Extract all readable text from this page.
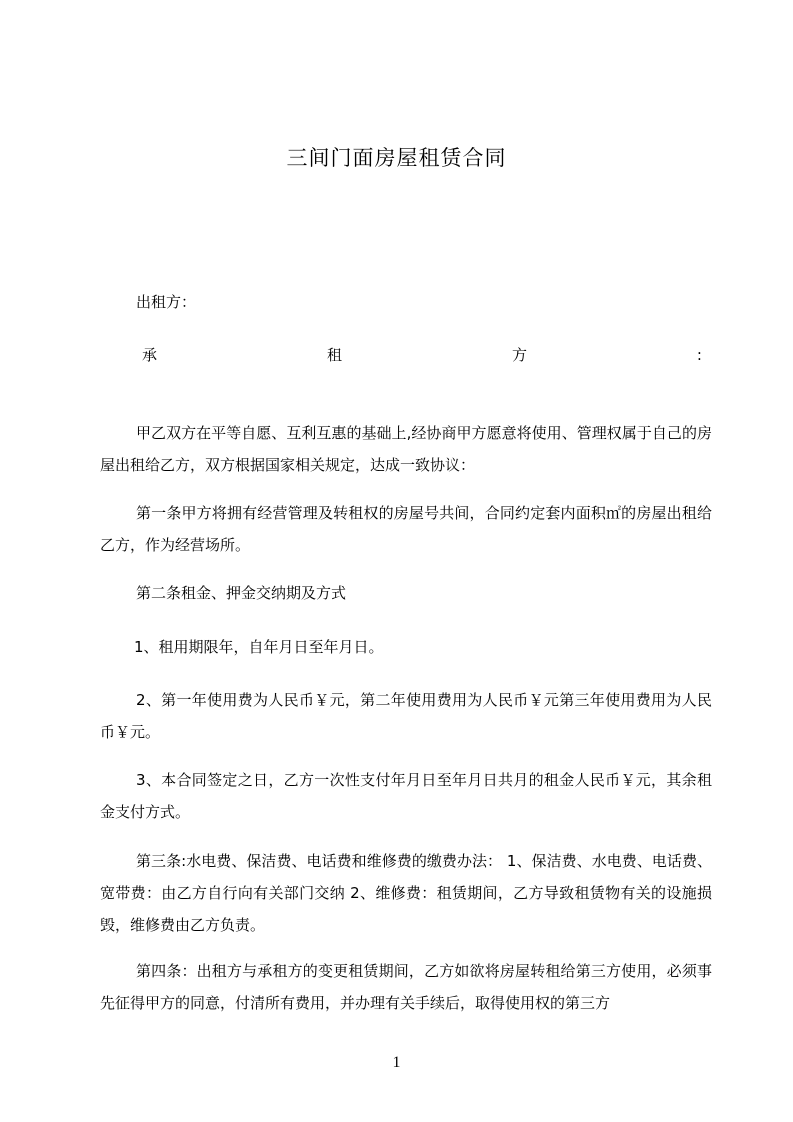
三间门面房屋租赁合同
出租方：
承	租	方	:
甲乙双方在平等自愿、互利互惠的基础上,经协商甲方愿意将使用、管理权属于自己的房屋出租给乙方，双方根据国家相关规定，达成一致协议：
第一条甲方将拥有经营管理及转租权的房屋号共间，合同约定套内面积㎡的房屋出租给乙方，作为经营场所。
第二条租金、押金交纳期及方式
1、租用期限年，自年月日至年月日。
2、第一年使用费为人民币￥元，第二年使用费用为人民币￥元第三年使用费用为人民币￥元。
3、本合同签定之日，乙方一次性支付年月日至年月日共月的租金人民币￥元，其余租金支付方式。
第三条:水电费、保洁费、电话费和维修费的缴费办法： 1、保洁费、水电费、电话费、宽带费：由乙方自行向有关部门交纳 2、维修费：租赁期间，乙方导致租赁物有关的设施损毁，维修费由乙方负责。
第四条：出租方与承租方的变更租赁期间，乙方如欲将房屋转租给第三方使用，必须事先征得甲方的同意，付清所有费用，并办理有关手续后，取得使用权的第三方
1
